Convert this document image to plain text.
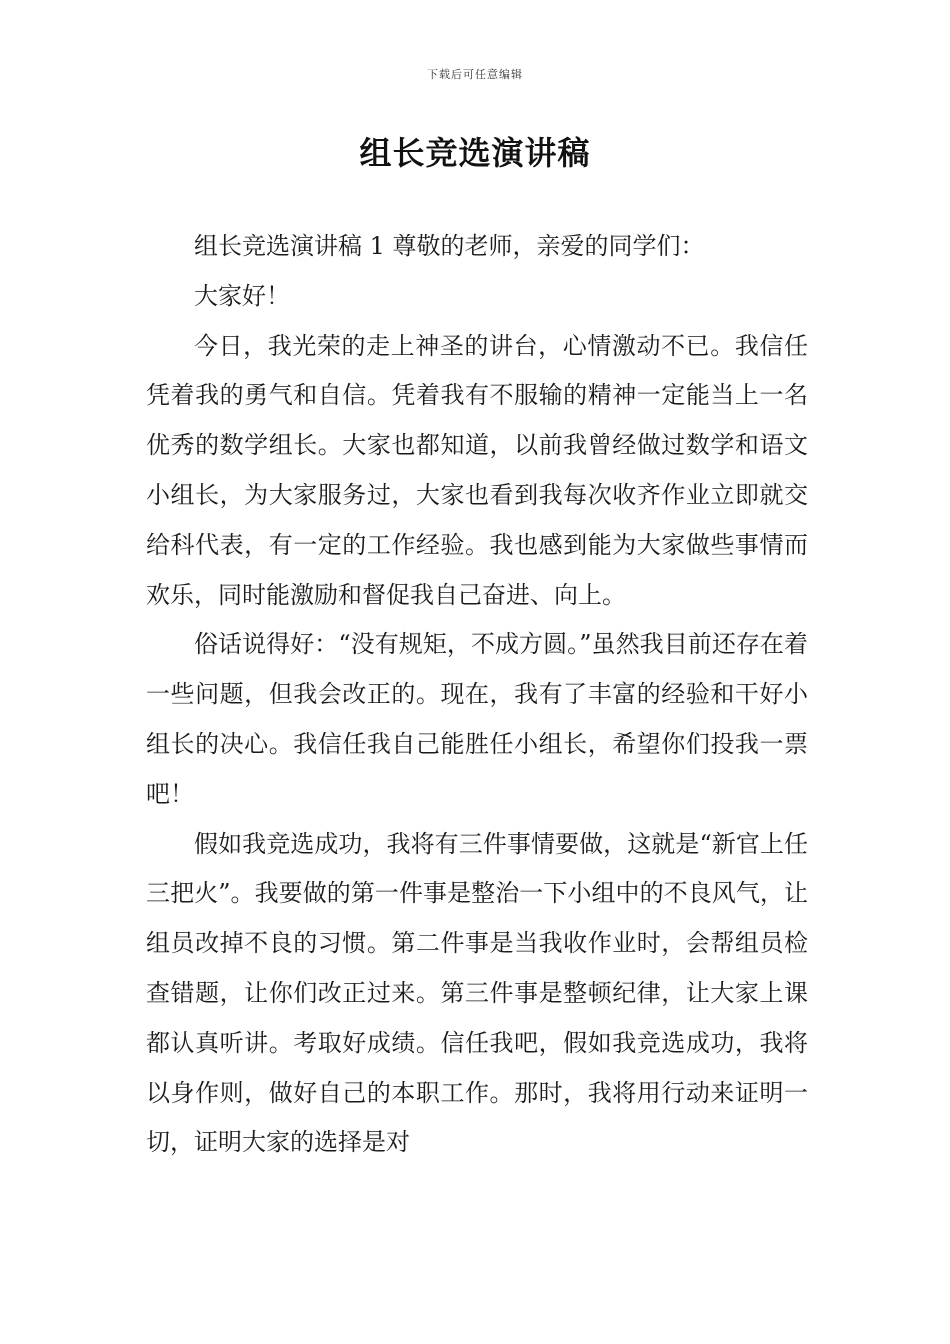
下载后可任意编辑
组长竞选演讲稿

组长竞选演讲稿 1 尊敬的老师，亲爱的同学们：

大家好！

今日，我光荣的走上神圣的讲台，心情激动不已。我信任凭着我的勇气和自信。凭着我有不服输的精神一定能当上一名优秀的数学组长。大家也都知道，以前我曾经做过数学和语文小组长，为大家服务过，大家也看到我每次收齐作业立即就交给科代表，有一定的工作经验。我也感到能为大家做些事情而欢乐，同时能激励和督促我自己奋进、向上。

俗话说得好：“没有规矩，不成方圆。”虽然我目前还存在着一些问题，但我会改正的。现在，我有了丰富的经验和干好小组长的决心。我信任我自己能胜任小组长，希望你们投我一票吧！

假如我竞选成功，我将有三件事情要做，这就是“新官上任三把火”。我要做的第一件事是整治一下小组中的不良风气，让组员改掉不良的习惯。第二件事是当我收作业时，会帮组员检查错题，让你们改正过来。第三件事是整顿纪律，让大家上课都认真听讲。考取好成绩。信任我吧，假如我竞选成功，我将以身作则，做好自己的本职工作。那时，我将用行动来证明一切，证明大家的选择是对
